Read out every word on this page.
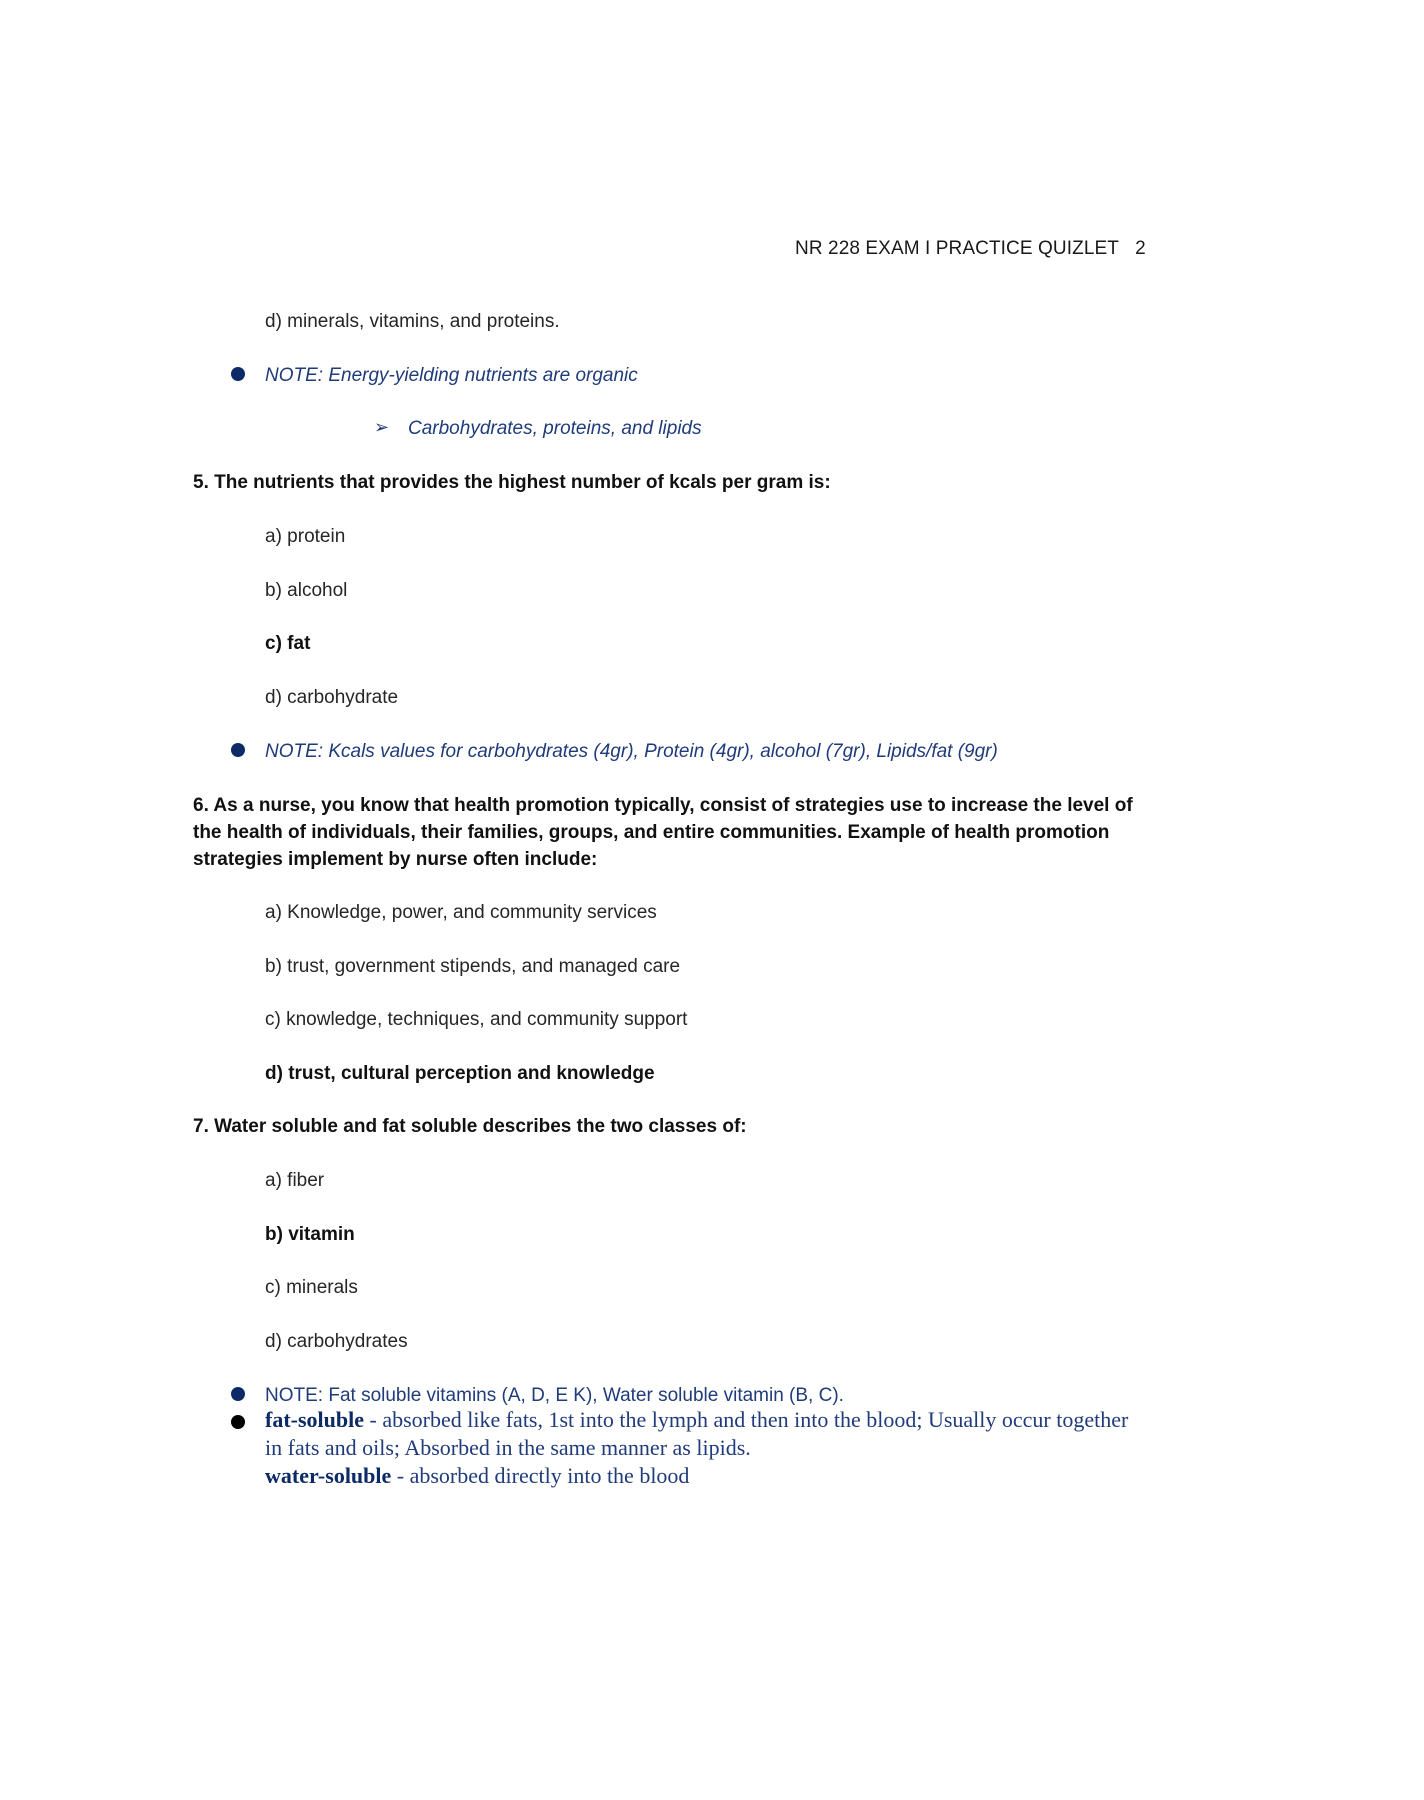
NR 228 EXAM I PRACTICE QUIZLET 2
d) minerals, vitamins, and proteins.
NOTE: Energy-yielding nutrients are organic
➢ Carbohydrates, proteins, and lipids
5. The nutrients that provides the highest number of kcals per gram is:
a) protein
b) alcohol
c) fat
d) carbohydrate
NOTE: Kcals values for carbohydrates (4gr), Protein (4gr), alcohol (7gr), Lipids/fat (9gr)
6. As a nurse, you know that health promotion typically, consist of strategies use to increase the level of the health of individuals, their families, groups, and entire communities. Example of health promotion strategies implement by nurse often include:
a) Knowledge, power, and community services
b) trust, government stipends, and managed care
c) knowledge, techniques, and community support
d) trust, cultural perception and knowledge
7. Water soluble and fat soluble describes the two classes of:
a) fiber
b) vitamin
c) minerals
d) carbohydrates
NOTE: Fat soluble vitamins (A, D, E K), Water soluble vitamin (B, C).
fat-soluble - absorbed like fats, 1st into the lymph and then into the blood; Usually occur together in fats and oils; Absorbed in the same manner as lipids.
water-soluble - absorbed directly into the blood
